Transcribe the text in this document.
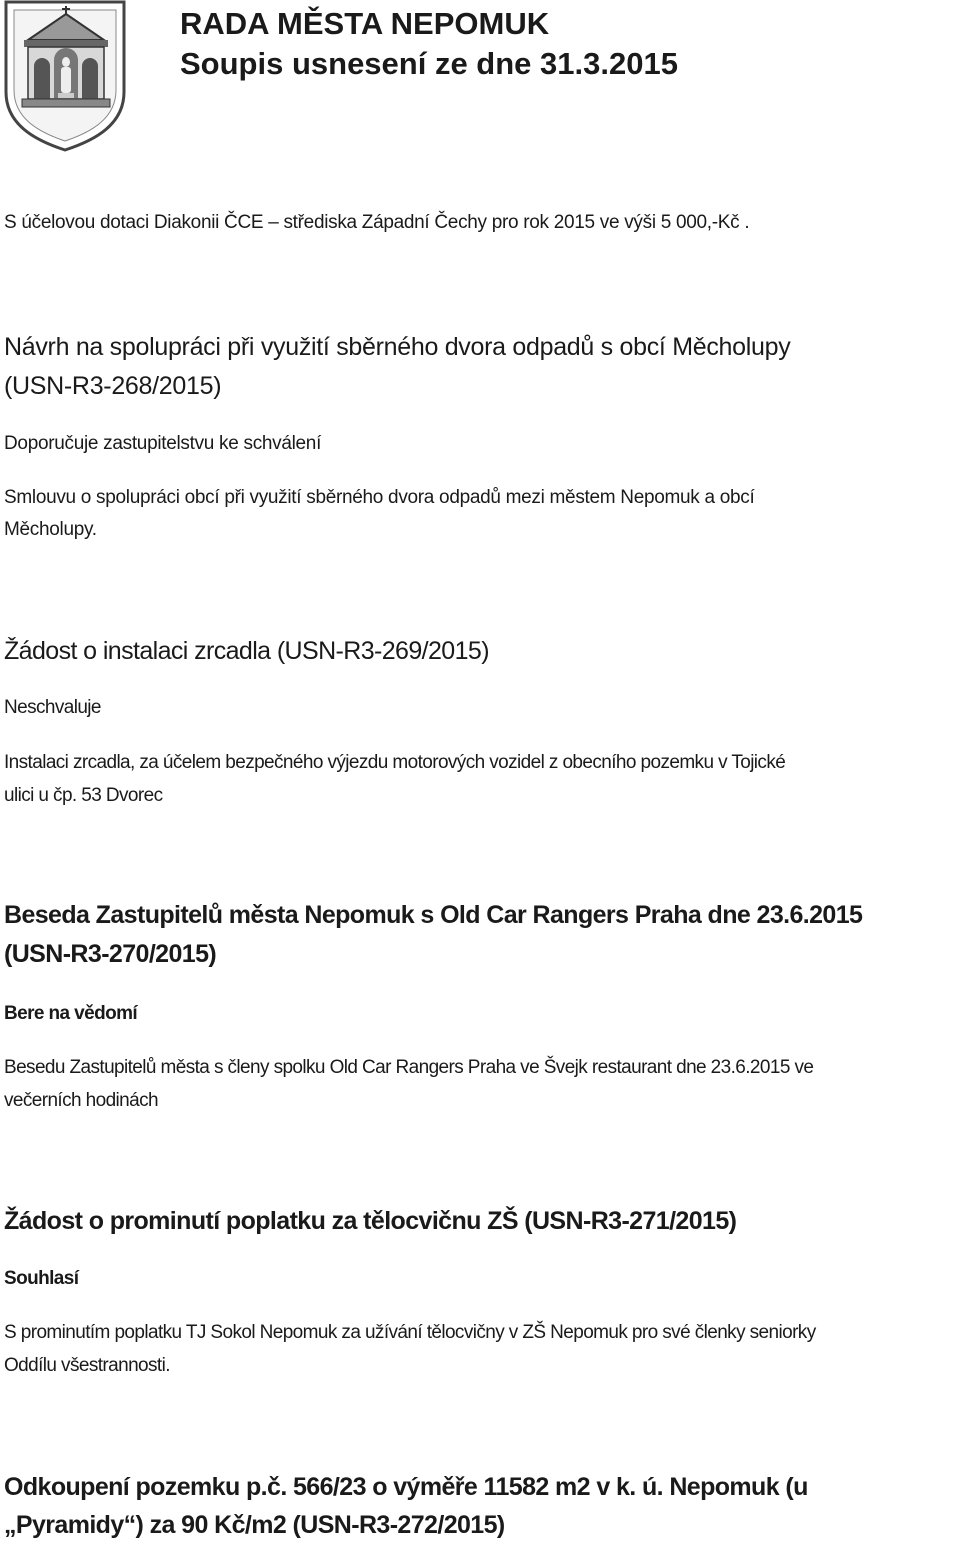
RADA MĚSTA NEPOMUK
Soupis usnesení ze dne 31.3.2015
S účelovou dotaci Diakonii ČCE – střediska Západní Čechy pro rok 2015 ve výši 5 000,-Kč .
Návrh na spolupráci při využití sběrného dvora odpadů s obcí Měcholupy
(USN-R3-268/2015)
Doporučuje zastupitelstvu ke schválení
Smlouvu o spolupráci obcí při využití sběrného dvora odpadů mezi městem Nepomuk a obcí
Měcholupy.
Žádost o instalaci zrcadla (USN-R3-269/2015)
Neschvaluje
Instalaci zrcadla, za účelem bezpečného výjezdu motorových vozidel z obecního pozemku v Tojické
ulici u čp. 53 Dvorec
Beseda Zastupitelů města Nepomuk s Old Car Rangers Praha dne 23.6.2015
(USN-R3-270/2015)
Bere na vědomí
Besedu Zastupitelů města s členy spolku Old Car Rangers Praha ve Švejk restaurant dne 23.6.2015 ve
večerních hodinách
Žádost o prominutí poplatku za tělocvičnu ZŠ (USN-R3-271/2015)
Souhlasí
S prominutím poplatku TJ Sokol Nepomuk za užívání tělocvičny v ZŠ Nepomuk pro své členky seniorky
Oddílu všestrannosti.
Odkoupení pozemku p.č. 566/23 o výměře 11582 m2 v k. ú. Nepomuk (u
„Pyramidy“) za 90 Kč/m2 (USN-R3-272/2015)
